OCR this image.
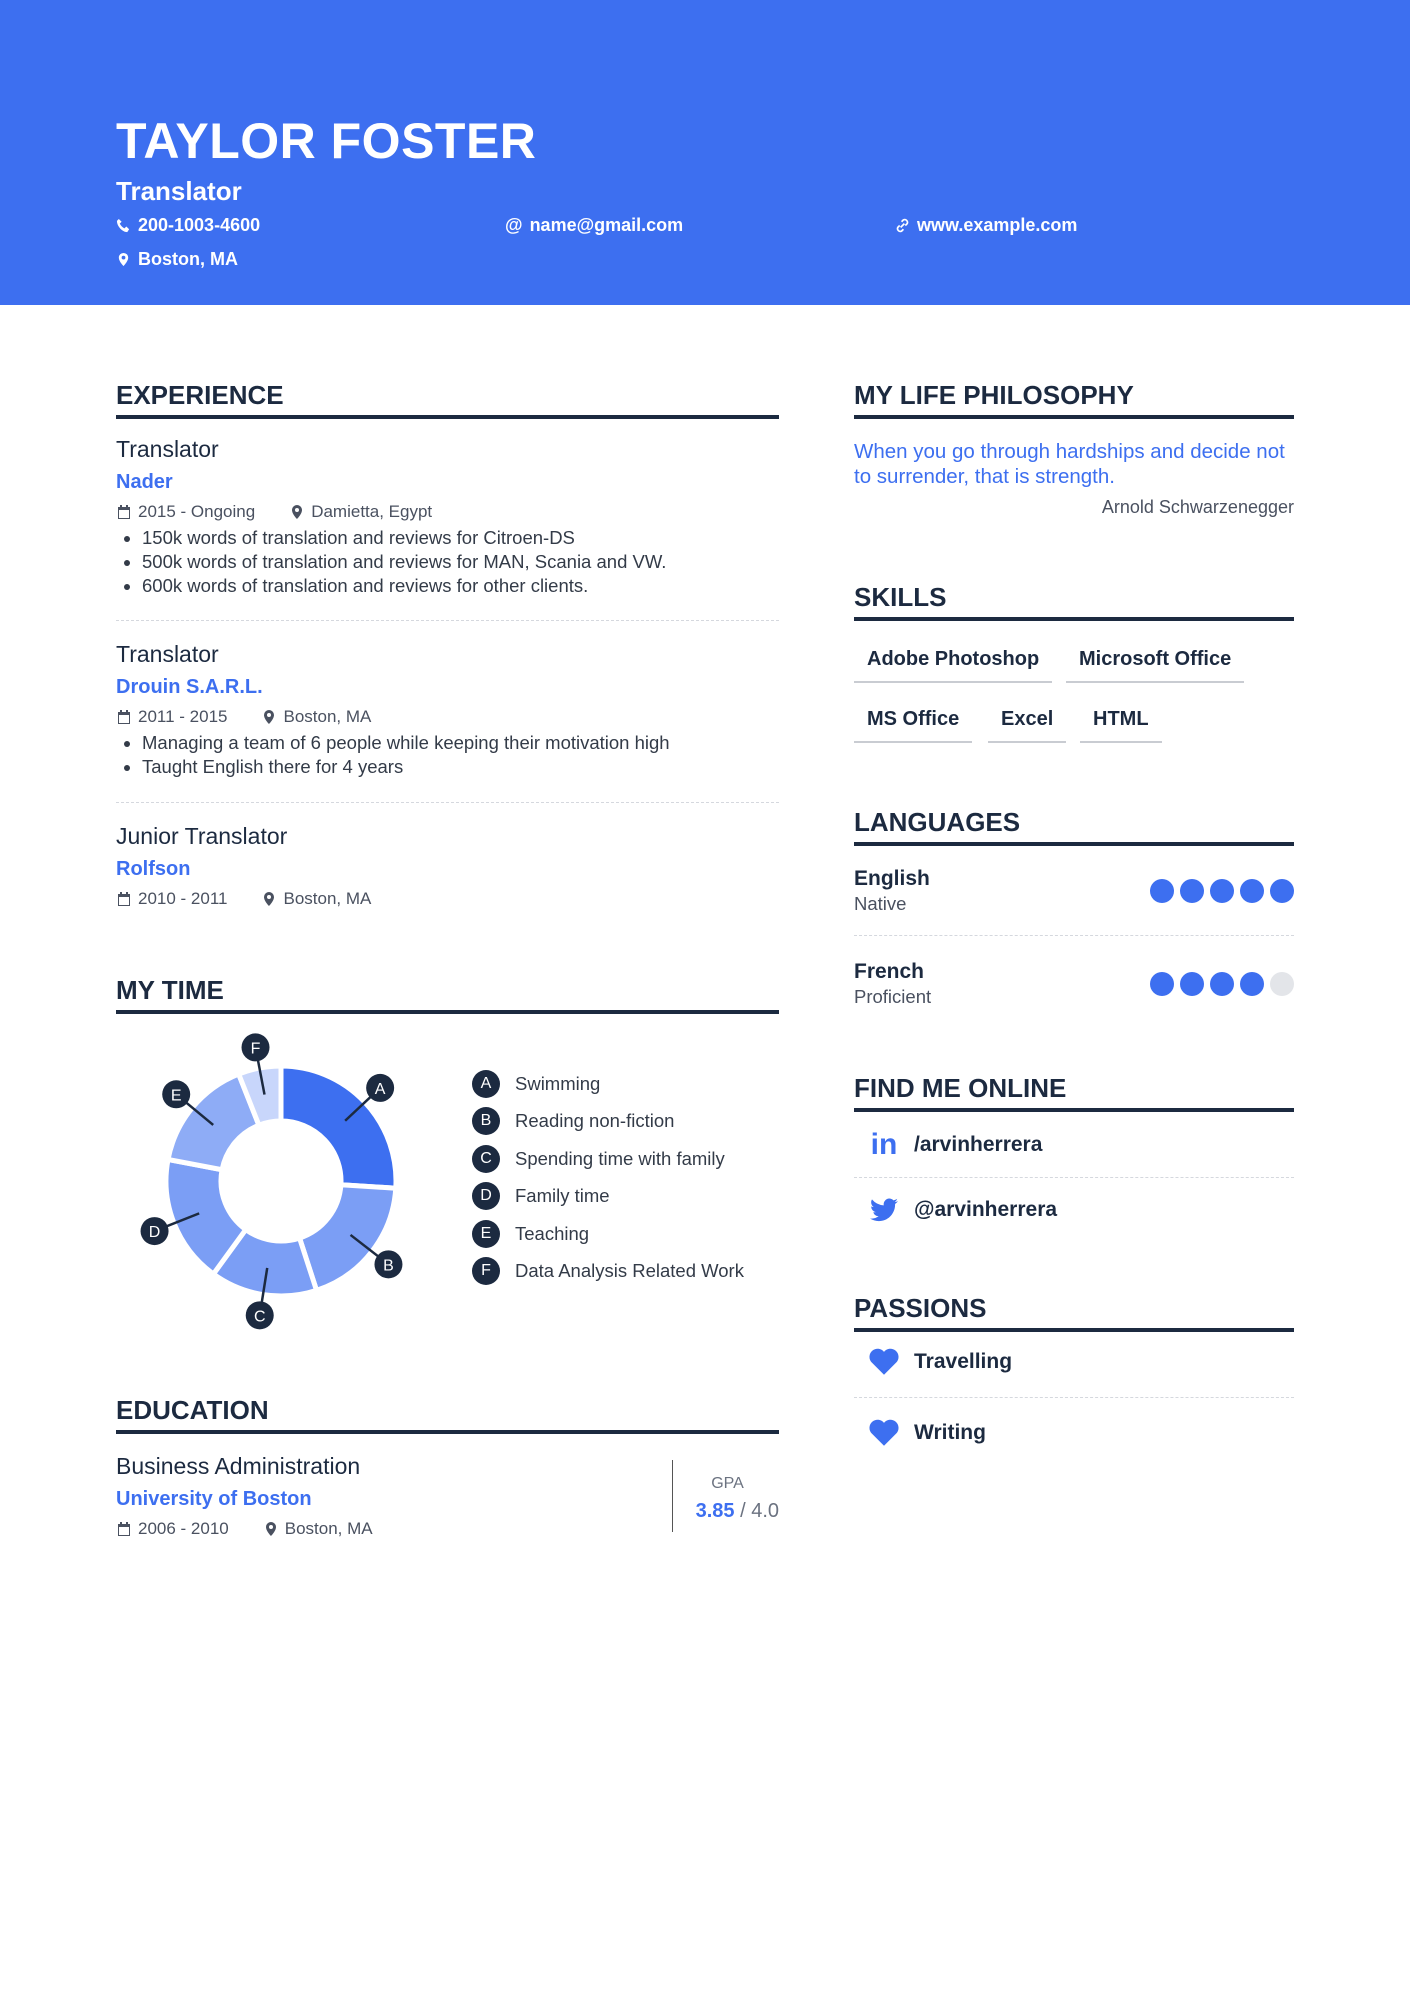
TAYLOR FOSTER
Translator
200-1003-4600	@ name@gmail.com	www.example.com
Boston, MA
EXPERIENCE
Translator
Nader
2015 - Ongoing	Damietta, Egypt
• 150k words of translation and reviews for Citroen-DS
• 500k words of translation and reviews for MAN, Scania and VW.
• 600k words of translation and reviews for other clients.
Translator
Drouin S.A.R.L.
2011 - 2015	Boston, MA
• Managing a team of 6 people while keeping their motivation high
• Taught English there for 4 years
Junior Translator
Rolfson
2010 - 2011	Boston, MA
MY TIME
A
B
C
D
E
F
A	Swimming
B	Reading non-fiction
C	Spending time with family
D	Family time
E	Teaching
F	Data Analysis Related Work
EDUCATION
Business Administration
University of Boston
2006 - 2010	Boston, MA
GPA
3.85 / 4.0
MY LIFE PHILOSOPHY
When you go through hardships and decide not to surrender, that is strength.
Arnold Schwarzenegger
SKILLS
Adobe Photoshop	Microsoft Office
MS Office	Excel	HTML
LANGUAGES
English
Native
French
Proficient
FIND ME ONLINE
in /arvinherrera
@arvinherrera
PASSIONS
Travelling
Writing
